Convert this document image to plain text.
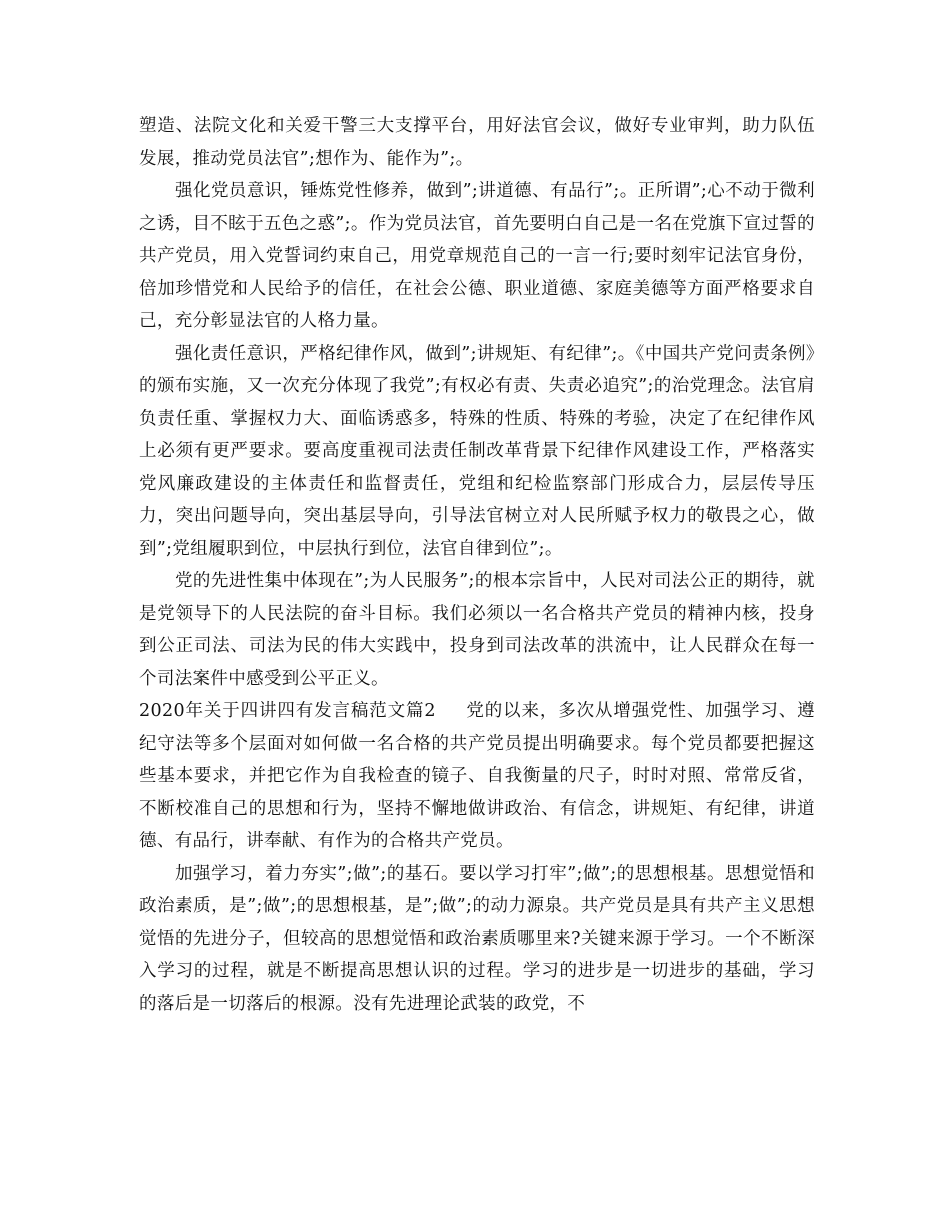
塑造、法院文化和关爱干警三大支撑平台，用好法官会议，做好专业审判，助力队伍发展，推动党员法官”;想作为、能作为”;。

强化党员意识，锤炼党性修养，做到”;讲道德、有品行”;。正所谓”;心不动于微利之诱，目不眩于五色之惑”;。作为党员法官，首先要明白自己是一名在党旗下宣过誓的共产党员，用入党誓词约束自己，用党章规范自己的一言一行;要时刻牢记法官身份，倍加珍惜党和人民给予的信任，在社会公德、职业道德、家庭美德等方面严格要求自己，充分彰显法官的人格力量。

强化责任意识，严格纪律作风，做到”;讲规矩、有纪律”;。《中国共产党问责条例》的颁布实施，又一次充分体现了我党”;有权必有责、失责必追究”;的治党理念。法官肩负责任重、掌握权力大、面临诱惑多，特殊的性质、特殊的考验，决定了在纪律作风上必须有更严要求。要高度重视司法责任制改革背景下纪律作风建设工作，严格落实党风廉政建设的主体责任和监督责任，党组和纪检监察部门形成合力，层层传导压力，突出问题导向，突出基层导向，引导法官树立对人民所赋予权力的敬畏之心，做到”;党组履职到位，中层执行到位，法官自律到位”;。

党的先进性集中体现在”;为人民服务”;的根本宗旨中，人民对司法公正的期待，就是党领导下的人民法院的奋斗目标。我们必须以一名合格共产党员的精神内核，投身到公正司法、司法为民的伟大实践中，投身到司法改革的洪流中，让人民群众在每一个司法案件中感受到公平正义。

2020年关于四讲四有发言稿范文篇2 党的以来，多次从增强党性、加强学习、遵纪守法等多个层面对如何做一名合格的共产党员提出明确要求。每个党员都要把握这些基本要求，并把它作为自我检查的镜子、自我衡量的尺子，时时对照、常常反省，不断校准自己的思想和行为，坚持不懈地做讲政治、有信念，讲规矩、有纪律，讲道德、有品行，讲奉献、有作为的合格共产党员。

加强学习，着力夯实”;做”;的基石。要以学习打牢”;做”;的思想根基。思想觉悟和政治素质，是”;做”;的思想根基，是”;做”;的动力源泉。共产党员是具有共产主义思想觉悟的先进分子，但较高的思想觉悟和政治素质哪里来?关键来源于学习。一个不断深入学习的过程，就是不断提高思想认识的过程。学习的进步是一切进步的基础，学习的落后是一切落后的根源。没有先进理论武装的政党，不
